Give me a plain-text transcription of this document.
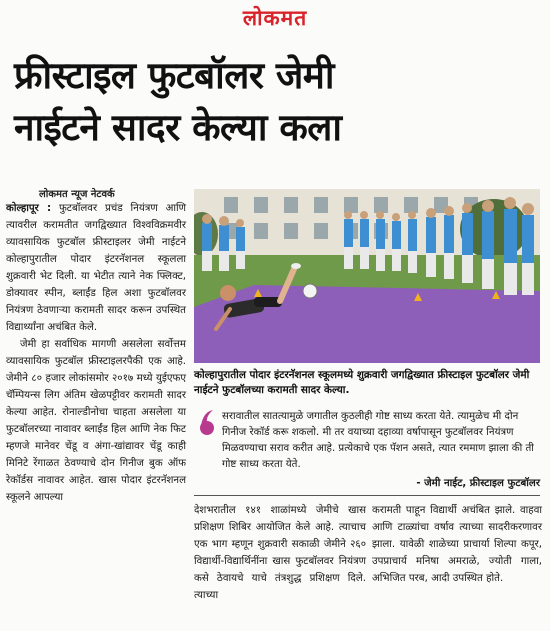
लोकमत
फ्रीस्टाइल फुटबॉलर जेमी
नाईटने सादर केल्या कला
लोकमत न्यूज नेटवर्क

कोल्हापूर : फुटबॉलवर प्रचंड नियंत्रण आणि त्यावरील करामतीत जगद्विख्यात विश्वविक्रमवीर व्यावसायिक फुटबॉल फ्रीस्टाइलर जेमी नाईटने कोल्हापुरातील पोदार इंटरनॅशनल स्कूलला शुक्रवारी भेट दिली. या भेटीत त्याने नेक फ्लिक्ट, डोक्यावर स्पीन, ब्लाईंड हिल अशा फुटबॉलवर नियंत्रण ठेवणाऱ्या करामती सादर करून उपस्थित विद्यार्थ्यांना अचंबित केले.

जेमी हा सर्वाधिक मागणी असलेला सर्वोत्तम व्यावसायिक फुटबॉल फ्रीस्टाइलरपैकी एक आहे. जेमीने ८० हजार लोकांसमोर २०१७ मध्ये युईएफए चॅम्पियन्स लिग अंतिम खेळपट्टीवर करामती सादर केल्या आहेत. रोनाल्डीनोचा चाहता असलेला या फुटबॉलरच्या नावावर ब्लाईंड हिल आणि नेक फिट म्हणजे मानेवर चेंडू व अंगा-खांद्यावर चेंडू काही मिनिटे रेंगाळत ठेवण्याचे दोन गिनीज बुक ऑफ रेकॉर्डस नावावर आहेत. खास पोदार इंटरनॅशनल स्कूलने आपल्या

कोल्हापुरातील पोदार इंटरनॅशनल स्कूलमध्ये शुक्रवारी जगद्विख्यात फ्रीस्टाइल फुटबॉलर जेमी नाईटने फुटबॉलच्या करामती सादर केल्या.
सरावातील सातत्यामुळे जगातील कुठलीही गोष्ट साध्य करता येते. त्यामुळेच मी दोन गिनीज रेकॉर्ड करू शकलो. मी तर वयाच्या दहाव्या वर्षापासून फुटबॉलवर नियंत्रण मिळवण्याचा सराव करीत आहे. प्रत्येकाचे एक पॅशन असते, त्यात रममाण झाला की ती गोष्ट साध्य करता येते.
- जेमी नाईट, फ्रीस्टाइल फुटबॉलर
देशभरातील १४१ शाळांमध्ये जेमीचे खास प्रशिक्षण शिबिर आयोजित केले आहे. त्याचाच एक भाग म्हणून शुक्रवारी सकाळी जेमीने २६० विद्यार्थी-विद्यार्थिनींना खास फुटबॉलवर नियंत्रण कसे ठेवायचे याचे तंत्रशुद्ध प्रशिक्षण दिले. त्याच्या
करामती पाहून विद्यार्थी अचंबित झाले. वाहवा आणि टाळ्यांचा वर्षाव त्याच्या सादरीकरणावर झाला. यावेळी शाळेच्या प्राचार्या शिल्पा कपूर, उपप्राचार्य मनिषा अमराळे, ज्योती गाला, अभिजित परब, आदी उपस्थित होते.
